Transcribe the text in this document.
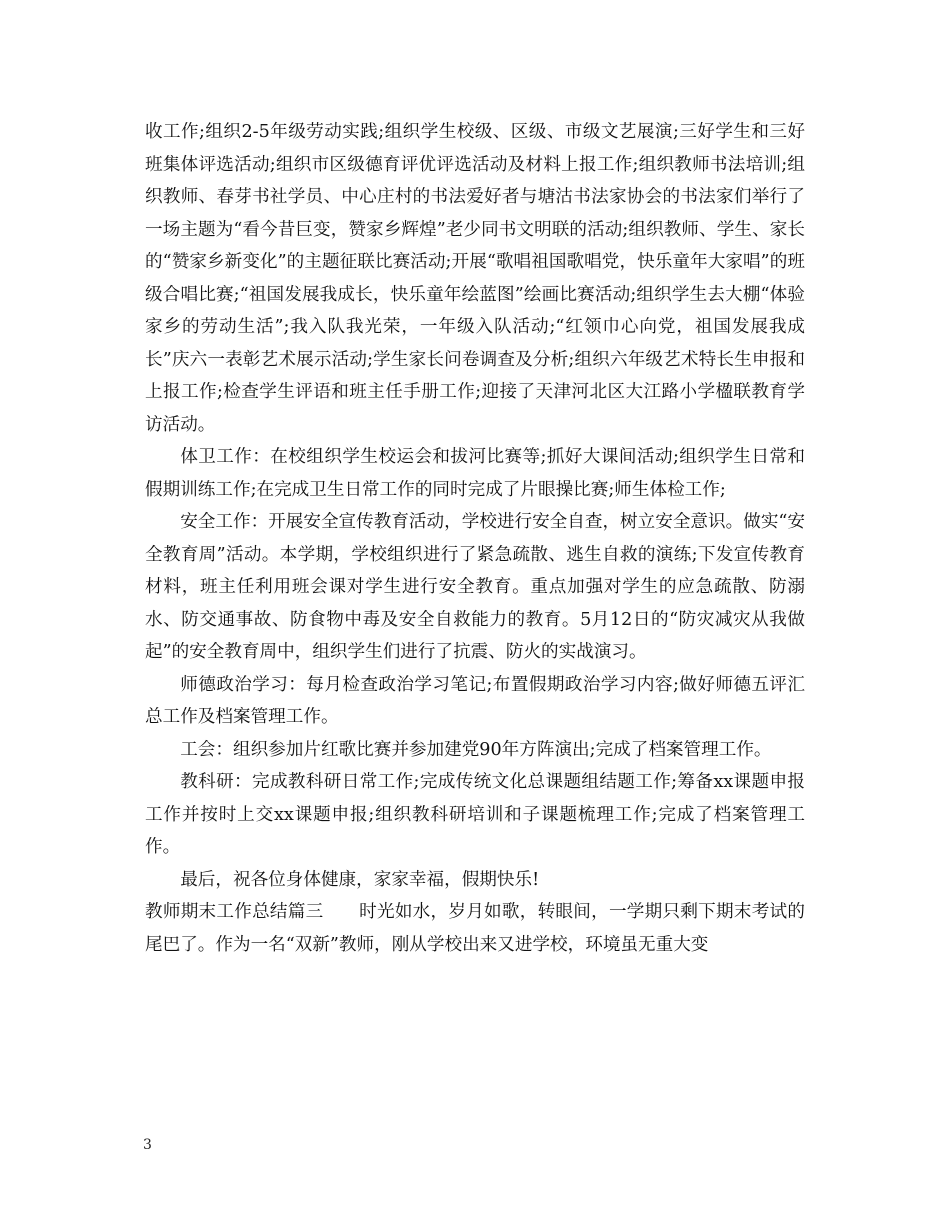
收工作;组织2-5年级劳动实践;组织学生校级、区级、市级文艺展演;三好学生和三好班集体评选活动;组织市区级德育评优评选活动及材料上报工作;组织教师书法培训;组织教师、春芽书社学员、中心庄村的书法爱好者与塘沽书法家协会的书法家们举行了一场主题为“看今昔巨变，赞家乡辉煌”老少同书文明联的活动;组织教师、学生、家长的“赞家乡新变化”的主题征联比赛活动;开展“歌唱祖国歌唱党，快乐童年大家唱”的班级合唱比赛;“祖国发展我成长，快乐童年绘蓝图”绘画比赛活动;组织学生去大棚“体验家乡的劳动生活”;我入队我光荣，一年级入队活动;“红领巾心向党，祖国发展我成长”庆六一表彰艺术展示活动;学生家长问卷调查及分析;组织六年级艺术特长生申报和上报工作;检查学生评语和班主任手册工作;迎接了天津河北区大江路小学楹联教育学访活动。

体卫工作：在校组织学生校运会和拔河比赛等;抓好大课间活动;组织学生日常和假期训练工作;在完成卫生日常工作的同时完成了片眼操比赛;师生体检工作;

安全工作：开展安全宣传教育活动，学校进行安全自查，树立安全意识。做实“安全教育周”活动。本学期，学校组织进行了紧急疏散、逃生自救的演练;下发宣传教育材料，班主任利用班会课对学生进行安全教育。重点加强对学生的应急疏散、防溺水、防交通事故、防食物中毒及安全自救能力的教育。5月12日的“防灾减灾从我做起”的安全教育周中，组织学生们进行了抗震、防火的实战演习。

师德政治学习：每月检查政治学习笔记;布置假期政治学习内容;做好师德五评汇总工作及档案管理工作。

工会：组织参加片红歌比赛并参加建党90年方阵演出;完成了档案管理工作。

教科研：完成教科研日常工作;完成传统文化总课题组结题工作;筹备xx课题申报工作并按时上交xx课题申报;组织教科研培训和子课题梳理工作;完成了档案管理工作。

最后，祝各位身体健康，家家幸福，假期快乐!

教师期末工作总结篇三　　时光如水，岁月如歌，转眼间，一学期只剩下期末考试的尾巴了。作为一名“双新”教师，刚从学校出来又进学校，环境虽无重大变

3
